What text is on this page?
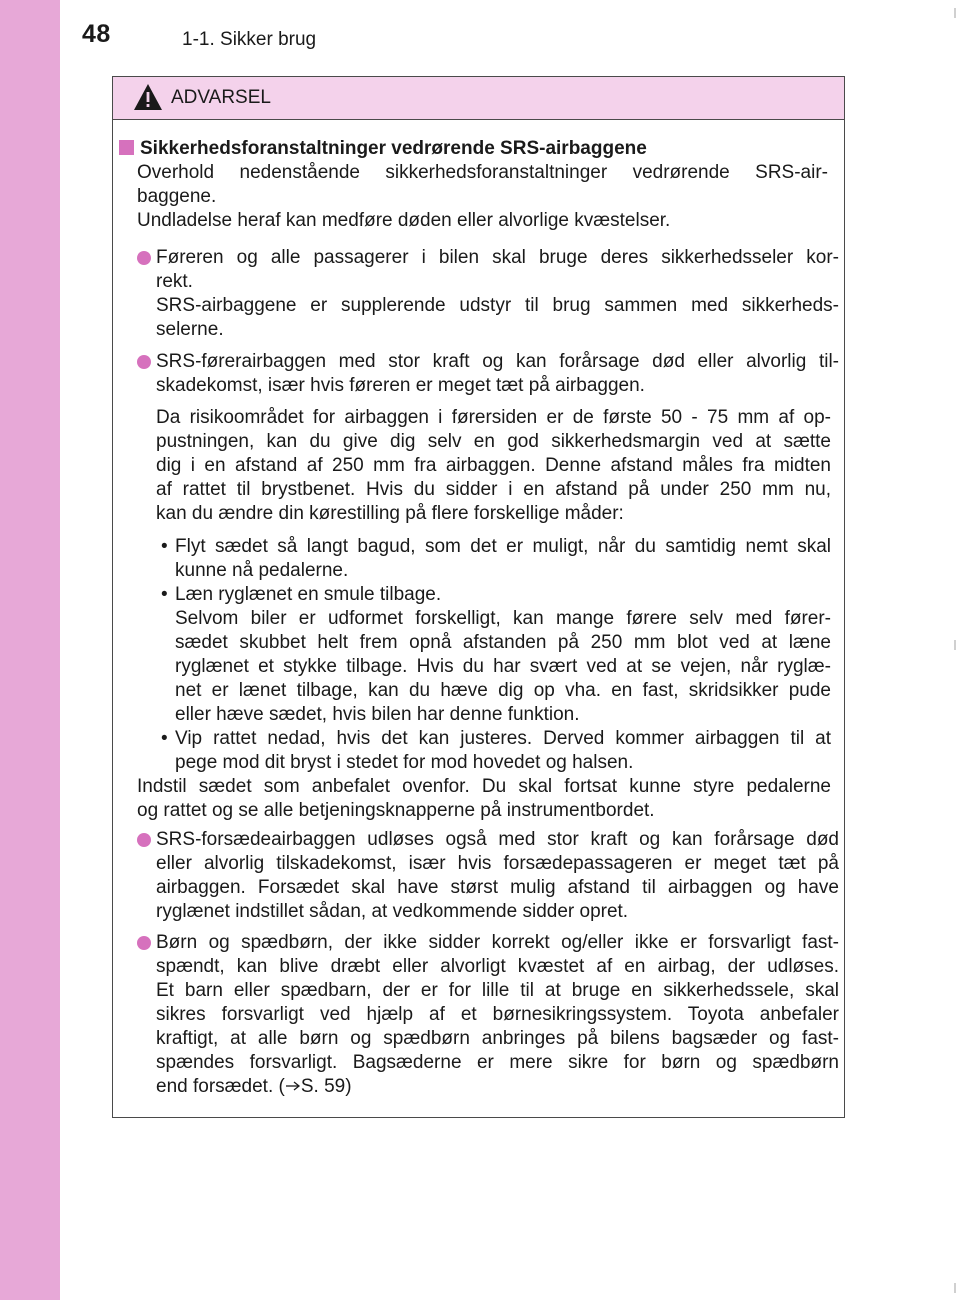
48	1-1. Sikker brug
ADVARSEL
Sikkerhedsforanstaltninger vedrørende SRS-airbaggene
Overhold nedenstående sikkerhedsforanstaltninger vedrørende SRS-air-
baggene.
Undladelse heraf kan medføre døden eller alvorlige kvæstelser.
Føreren og alle passagerer i bilen skal bruge deres sikkerhedsseler kor-
rekt.
SRS-airbaggene er supplerende udstyr til brug sammen med sikkerheds-
selerne.
SRS-førerairbaggen med stor kraft og kan forårsage død eller alvorlig til-
skadekomst, især hvis føreren er meget tæt på airbaggen.
Da risikoområdet for airbaggen i førersiden er de første 50 - 75 mm af op-
pustningen, kan du give dig selv en god sikkerhedsmargin ved at sætte
dig i en afstand af 250 mm fra airbaggen. Denne afstand måles fra midten
af rattet til brystbenet. Hvis du sidder i en afstand på under 250 mm nu,
kan du ændre din kørestilling på flere forskellige måder:
• Flyt sædet så langt bagud, som det er muligt, når du samtidig nemt skal
kunne nå pedalerne.
• Læn ryglænet en smule tilbage.
Selvom biler er udformet forskelligt, kan mange førere selv med fører-
sædet skubbet helt frem opnå afstanden på 250 mm blot ved at læne
ryglænet et stykke tilbage. Hvis du har svært ved at se vejen, når ryglæ-
net er lænet tilbage, kan du hæve dig op vha. en fast, skridsikker pude
eller hæve sædet, hvis bilen har denne funktion.
• Vip rattet nedad, hvis det kan justeres. Derved kommer airbaggen til at
pege mod dit bryst i stedet for mod hovedet og halsen.
Indstil sædet som anbefalet ovenfor. Du skal fortsat kunne styre pedalerne
og rattet og se alle betjeningsknapperne på instrumentbordet.
SRS-forsædeairbaggen udløses også med stor kraft og kan forårsage død
eller alvorlig tilskadekomst, især hvis forsædepassageren er meget tæt på
airbaggen. Forsædet skal have størst mulig afstand til airbaggen og have
ryglænet indstillet sådan, at vedkommende sidder opret.
Børn og spædbørn, der ikke sidder korrekt og/eller ikke er forsvarligt fast-
spændt, kan blive dræbt eller alvorligt kvæstet af en airbag, der udløses.
Et barn eller spædbarn, der er for lille til at bruge en sikkerhedssele, skal
sikres forsvarligt ved hjælp af et børnesikringssystem. Toyota anbefaler
kraftigt, at alle børn og spædbørn anbringes på bilens bagsæder og fast-
spændes forsvarligt. Bagsæderne er mere sikre for børn og spædbørn
end forsædet. ( S. 59)
